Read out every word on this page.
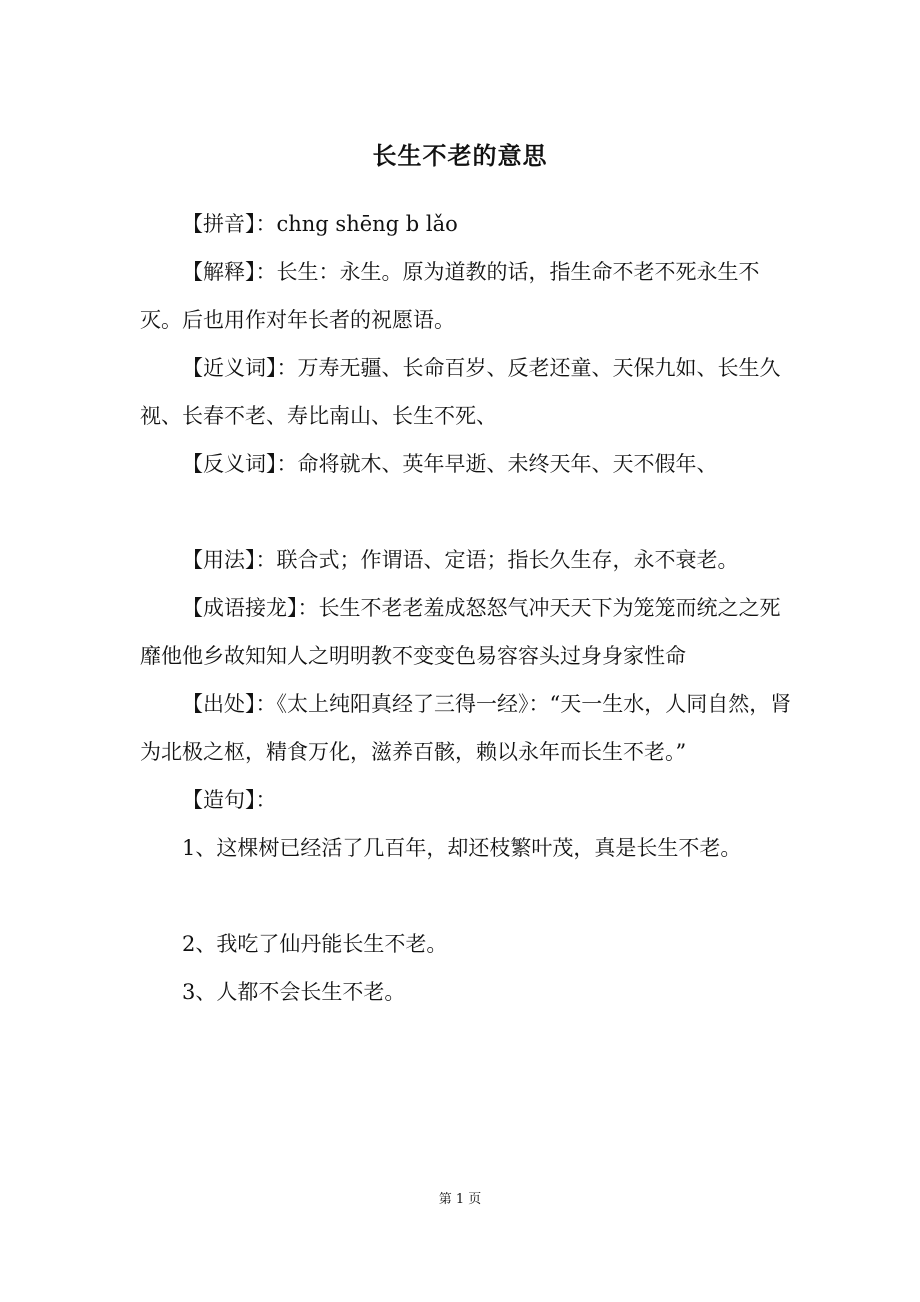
长生不老的意思

【拼音】：chng shēng b lǎo

【解释】：长生：永生。原为道教的话，指生命不老不死永生不灭。后也用作对年长者的祝愿语。

【近义词】：万寿无疆、长命百岁、反老还童、天保九如、长生久视、长春不老、寿比南山、长生不死、

【反义词】：命将就木、英年早逝、未终天年、天不假年、

【用法】：联合式；作谓语、定语；指长久生存，永不衰老。

【成语接龙】：长生不老老羞成怒怒气冲天天下为笼笼而统之之死靡他他乡故知知人之明明教不变变色易容容头过身身家性命

【出处】：《太上纯阳真经了三得一经》：“天一生水，人同自然，肾为北极之枢，精食万化，滋养百骸，赖以永年而长生不老。”

【造句】：

1、这棵树已经活了几百年，却还枝繁叶茂，真是长生不老。

2、我吃了仙丹能长生不老。

3、人都不会长生不老。

第 1 页
